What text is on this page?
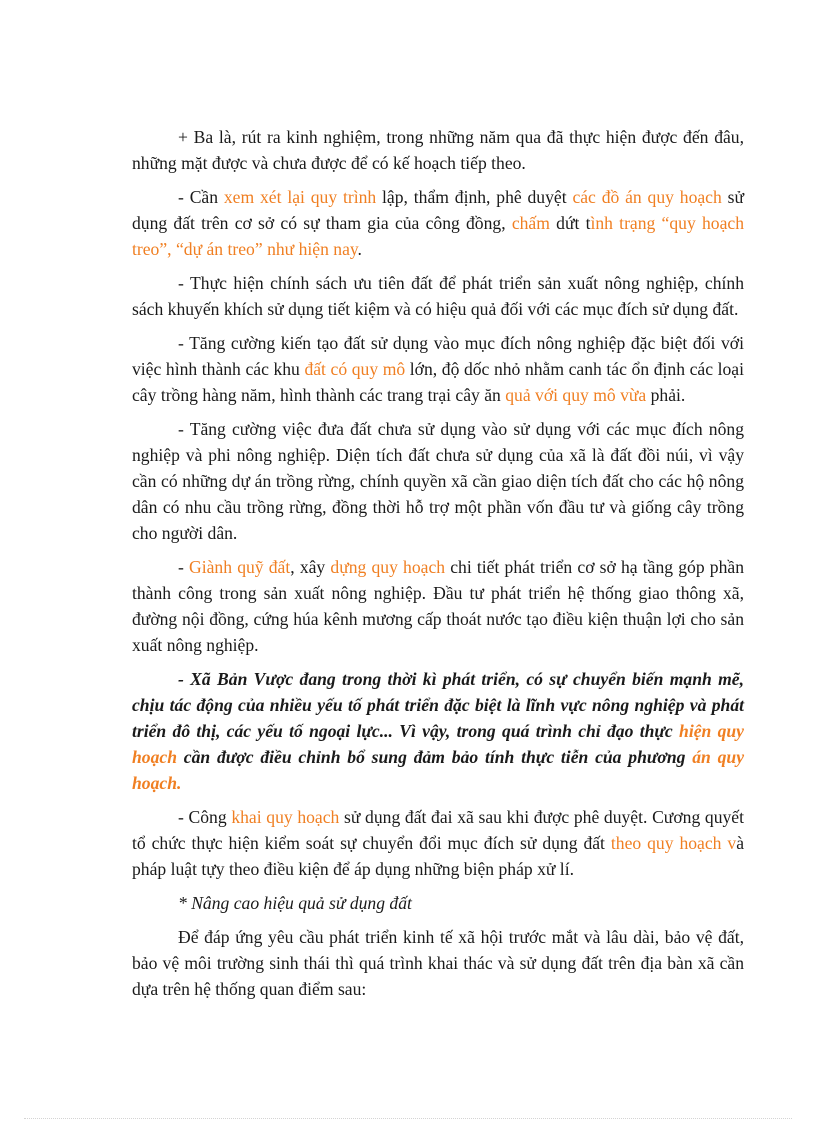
+ Ba là, rút ra kinh nghiệm, trong những năm qua đã thực hiện được đến đâu, những mặt được và chưa được để có kế hoạch tiếp theo.

- Cần xem xét lại quy trình lập, thẩm định, phê duyệt các đồ án quy hoạch sử dụng đất trên cơ sở có sự tham gia của công đồng, chấm dứt tình trạng “quy hoạch treo”, “dự án treo” như hiện nay.

- Thực hiện chính sách ưu tiên đất để phát triển sản xuất nông nghiệp, chính sách khuyến khích sử dụng tiết kiệm và có hiệu quả đối với các mục đích sử dụng đất.

- Tăng cường kiến tạo đất sử dụng vào mục đích nông nghiệp đặc biệt đối với việc hình thành các khu đất có quy mô lớn, độ dốc nhỏ nhằm canh tác ổn định các loại cây trồng hàng năm, hình thành các trang trại cây ăn quả với quy mô vừa phải.

- Tăng cường việc đưa đất chưa sử dụng vào sử dụng với các mục đích nông nghiệp và phi nông nghiệp. Diện tích đất chưa sử dụng của xã là đất đồi núi, vì vậy cần có những dự án trồng rừng, chính quyền xã cần giao diện tích đất cho các hộ nông dân có nhu cầu trồng rừng, đồng thời hỗ trợ một phần vốn đầu tư và giống cây trồng cho người dân.

- Giành quỹ đất, xây dựng quy hoạch chi tiết phát triển cơ sở hạ tầng góp phần thành công trong sản xuất nông nghiệp. Đầu tư phát triển hệ thống giao thông xã, đường nội đồng, cứng húa kênh mương cấp thoát nước tạo điều kiện thuận lợi cho sản xuất nông nghiệp.

- Xã Bản Vược đang trong thời kì phát triển, có sự chuyển biến mạnh mẽ, chịu tác động của nhiều yếu tố phát triển đặc biệt là lĩnh vực nông nghiệp và phát triển đô thị, các yếu tố ngoại lực... Vì vậy, trong quá trình chỉ đạo thực hiện quy hoạch cần được điều chỉnh bổ sung đảm bảo tính thực tiễn của phương án quy hoạch.

- Công khai quy hoạch sử dụng đất đai xã sau khi được phê duyệt. Cương quyết tổ chức thực hiện kiểm soát sự chuyển đổi mục đích sử dụng đất theo quy hoạch và pháp luật tựy theo điều kiện để áp dụng những biện pháp xử lí.

* Nâng cao hiệu quả sử dụng đất

Để đáp ứng yêu cầu phát triển kinh tế xã hội trước mắt và lâu dài, bảo vệ đất, bảo vệ môi trường sinh thái thì quá trình khai thác và sử dụng đất trên địa bàn xã cần dựa trên hệ thống quan điểm sau:
